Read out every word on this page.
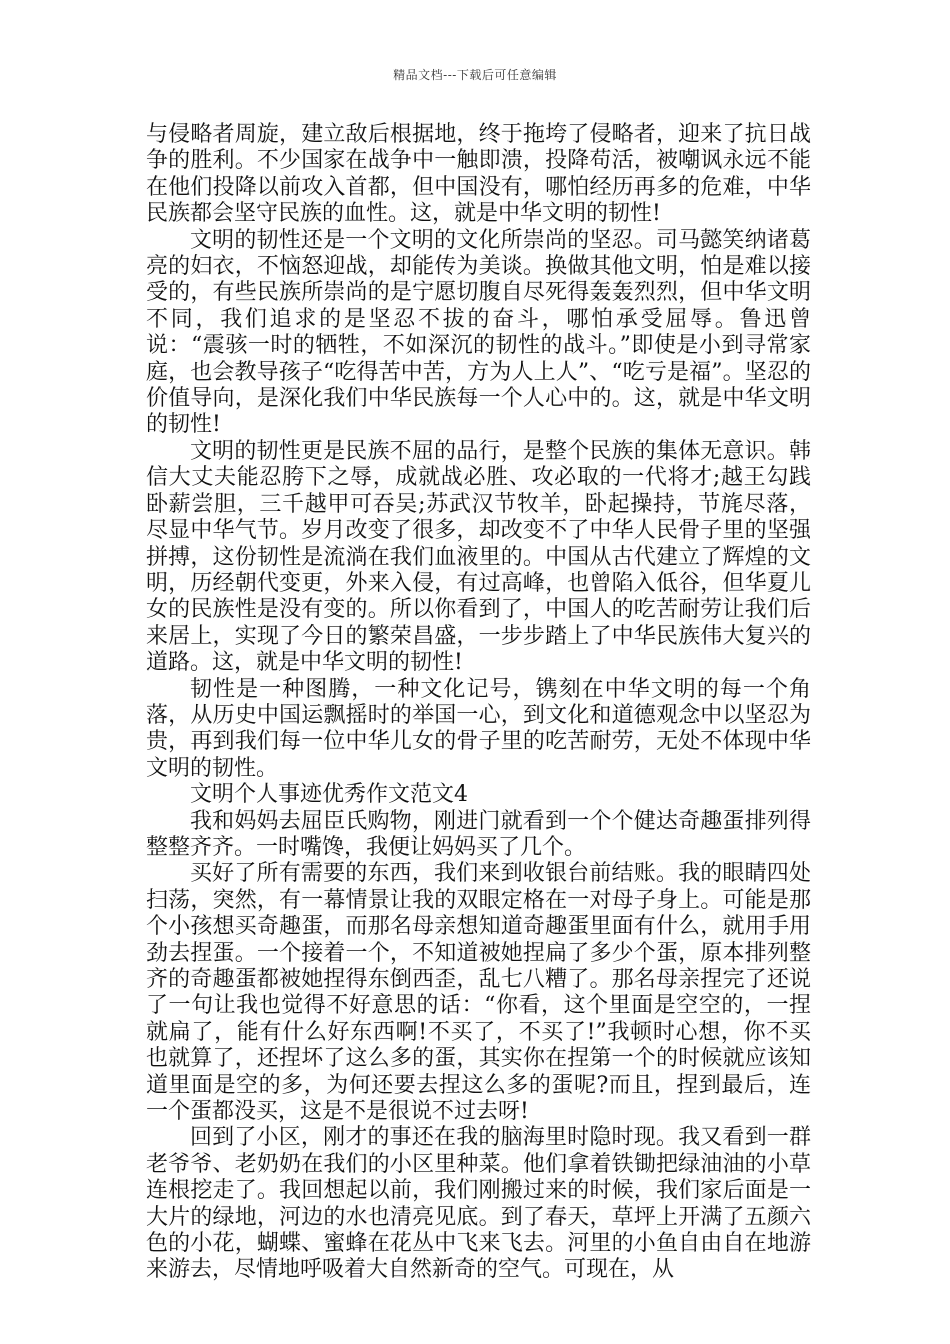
精品文档---下载后可任意编辑

与侵略者周旋，建立敌后根据地，终于拖垮了侵略者，迎来了抗日战争的胜利。不少国家在战争中一触即溃，投降苟活，被嘲讽永远不能在他们投降以前攻入首都，但中国没有，哪怕经历再多的危难，中华民族都会坚守民族的血性。这，就是中华文明的韧性!

文明的韧性还是一个文明的文化所崇尚的坚忍。司马懿笑纳诸葛亮的妇衣，不恼怒迎战，却能传为美谈。换做其他文明，怕是难以接受的，有些民族所崇尚的是宁愿切腹自尽死得轰轰烈烈，但中华文明不同，我们追求的是坚忍不拔的奋斗，哪怕承受屈辱。鲁迅曾说：“震骇一时的牺牲，不如深沉的韧性的战斗。”即使是小到寻常家庭，也会教导孩子“吃得苦中苦，方为人上人”、“吃亏是福”。坚忍的价值导向，是深化我们中华民族每一个人心中的。这，就是中华文明的韧性!

文明的韧性更是民族不屈的品行，是整个民族的集体无意识。韩信大丈夫能忍胯下之辱，成就战必胜、攻必取的一代将才;越王勾践卧薪尝胆，三千越甲可吞吴;苏武汉节牧羊，卧起操持，节旄尽落，尽显中华气节。岁月改变了很多，却改变不了中华人民骨子里的坚强拼搏，这份韧性是流淌在我们血液里的。中国从古代建立了辉煌的文明，历经朝代变更，外来入侵，有过高峰，也曾陷入低谷，但华夏儿女的民族性是没有变的。所以你看到了，中国人的吃苦耐劳让我们后来居上，实现了今日的繁荣昌盛，一步步踏上了中华民族伟大复兴的道路。这，就是中华文明的韧性!

韧性是一种图腾，一种文化记号，镌刻在中华文明的每一个角落，从历史中国运飘摇时的举国一心，到文化和道德观念中以坚忍为贵，再到我们每一位中华儿女的骨子里的吃苦耐劳，无处不体现中华文明的韧性。

文明个人事迹优秀作文范文4

我和妈妈去屈臣氏购物，刚进门就看到一个个健达奇趣蛋排列得整整齐齐。一时嘴馋，我便让妈妈买了几个。

买好了所有需要的东西，我们来到收银台前结账。我的眼睛四处扫荡，突然，有一幕情景让我的双眼定格在一对母子身上。可能是那个小孩想买奇趣蛋，而那名母亲想知道奇趣蛋里面有什么，就用手用劲去捏蛋。一个接着一个，不知道被她捏扁了多少个蛋，原本排列整齐的奇趣蛋都被她捏得东倒西歪，乱七八糟了。那名母亲捏完了还说了一句让我也觉得不好意思的话：“你看，这个里面是空空的，一捏就扁了，能有什么好东西啊!不买了，不买了!”我顿时心想，你不买也就算了，还捏坏了这么多的蛋，其实你在捏第一个的时候就应该知道里面是空的多，为何还要去捏这么多的蛋呢?而且，捏到最后，连一个蛋都没买，这是不是很说不过去呀!

回到了小区，刚才的事还在我的脑海里时隐时现。我又看到一群老爷爷、老奶奶在我们的小区里种菜。他们拿着铁锄把绿油油的小草连根挖走了。我回想起以前，我们刚搬过来的时候，我们家后面是一大片的绿地，河边的水也清亮见底。到了春天，草坪上开满了五颜六色的小花，蝴蝶、蜜蜂在花丛中飞来飞去。河里的小鱼自由自在地游来游去，尽情地呼吸着大自然新奇的空气。可现在，从
